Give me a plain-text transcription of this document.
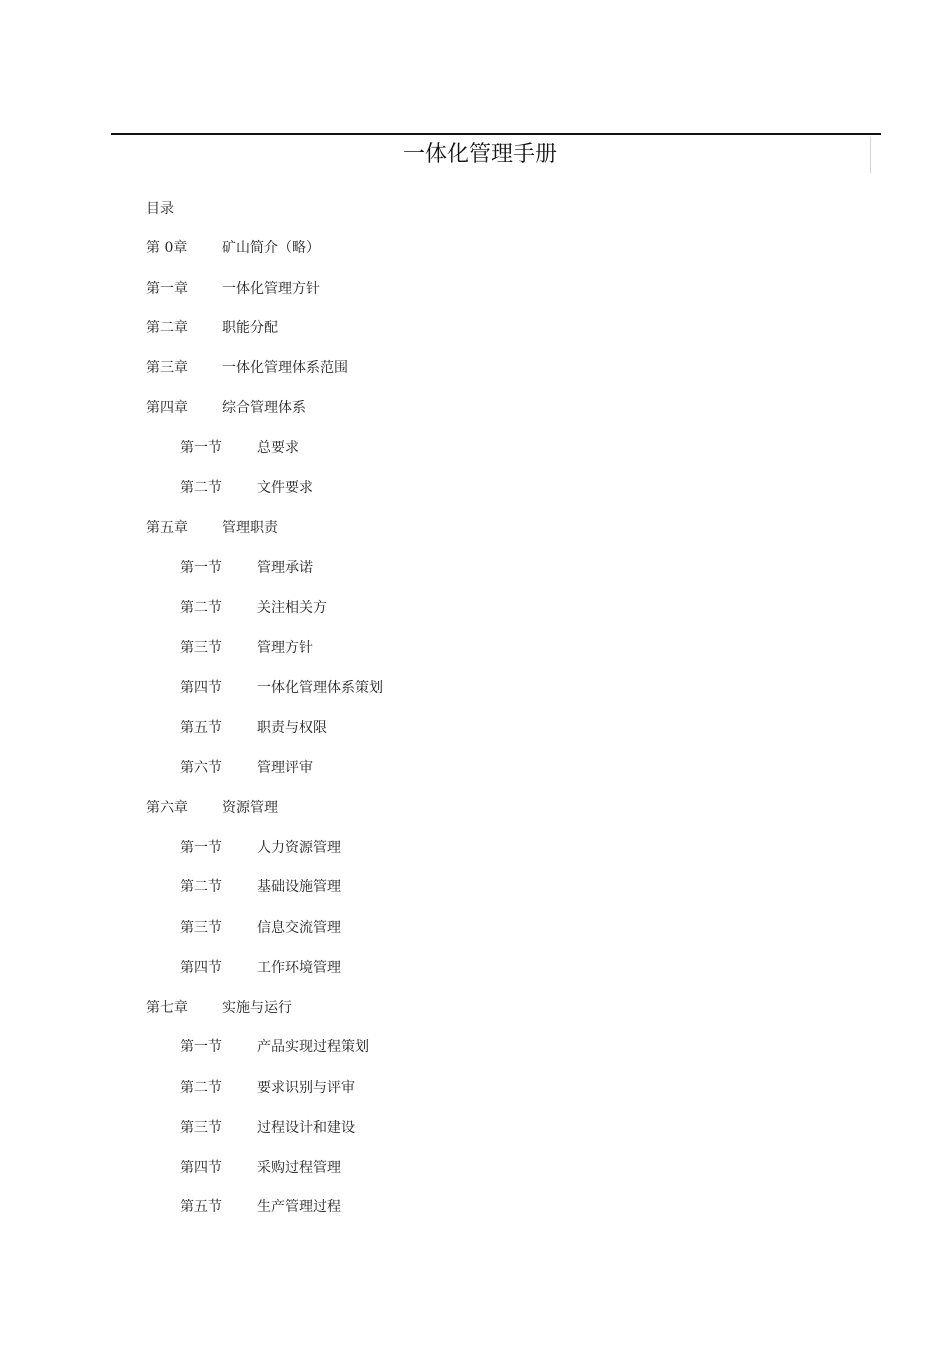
一体化管理手册
目录
第 0章 矿山简介（略）
第一章 一体化管理方针
第二章 职能分配
第三章 一体化管理体系范围
第四章 综合管理体系
第一节	总要求
第二节	文件要求
第五章 管理职责
第一节	管理承诺
第二节	关注相关方
第三节	管理方针
第四节	一体化管理体系策划
第五节	职责与权限
第六节	管理评审
第六章 资源管理
第一节	人力资源管理
第二节	基础设施管理
第三节	信息交流管理
第四节	工作环境管理
第七章 实施与运行
第一节	产品实现过程策划
第二节	要求识别与评审
第三节	过程设计和建设
第四节	采购过程管理
第五节	生产管理过程
